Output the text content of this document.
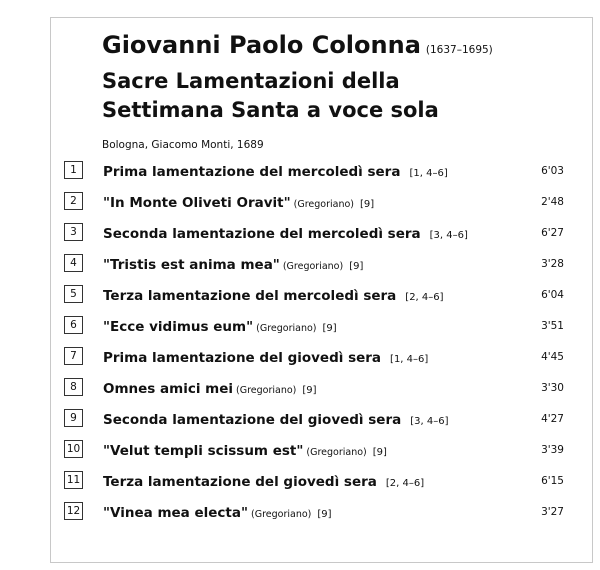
Giovanni Paolo Colonna (1637–1695)
Sacre Lamentazioni della
Settimana Santa a voce sola
Bologna, Giacomo Monti, 1689
1	Prima lamentazione del mercoledì sera [1, 4–6]	6'03
2	"In Monte Oliveti Oravit" (Gregoriano) [9]	2'48
3	Seconda lamentazione del mercoledì sera [3, 4–6]	6'27
4	"Tristis est anima mea" (Gregoriano) [9]	3'28
5	Terza lamentazione del mercoledì sera [2, 4–6]	6'04
6	"Ecce vidimus eum" (Gregoriano) [9]	3'51
7	Prima lamentazione del giovedì sera [1, 4–6]	4'45
8	Omnes amici mei (Gregoriano) [9]	3'30
9	Seconda lamentazione del giovedì sera [3, 4–6]	4'27
10 "Velut templi scissum est" (Gregoriano) [9]	3'39
11 Terza lamentazione del giovedì sera [2, 4–6]	6'15
12 "Vinea mea electa" (Gregoriano) [9]	3'27
